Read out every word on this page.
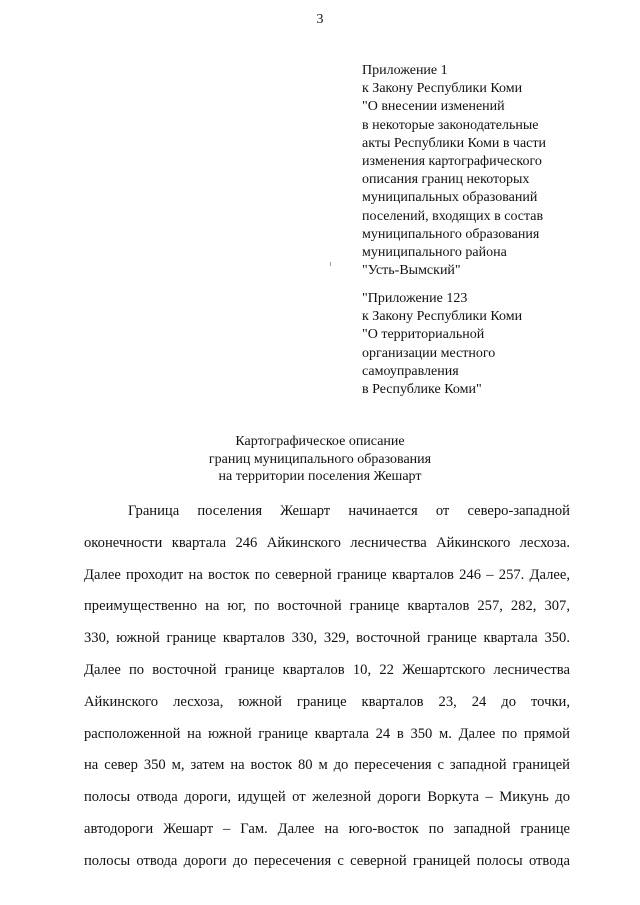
3
Приложение 1
к Закону Республики Коми
"О внесении изменений
в некоторые законодательные
акты Республики Коми в части
изменения картографического
описания границ некоторых
муниципальных образований
поселений, входящих в состав
муниципального образования
муниципального района
"Усть-Вымский"
"Приложение 123
к Закону Республики Коми
"О территориальной
организации местного
самоуправления
в Республике Коми"
Картографическое описание
границ муниципального образования
на территории поселения Жешарт
Граница поселения Жешарт начинается от северо-западной
оконечности квартала 246 Айкинского лесничества Айкинского лесхоза.
Далее проходит на восток по северной границе кварталов 246 – 257. Далее,
преимущественно на юг, по восточной границе кварталов 257, 282, 307,
330, южной границе кварталов 330, 329, восточной границе квартала 350.
Далее по восточной границе кварталов 10, 22 Жешартского лесничества
Айкинского лесхоза, южной границе кварталов 23, 24 до точки,
расположенной на южной границе квартала 24 в 350 м. Далее по прямой
на север 350 м, затем на восток 80 м до пересечения с западной границей
полосы отвода дороги, идущей от железной дороги Воркута – Микунь до
автодороги Жешарт – Гам. Далее на юго-восток по западной границе
полосы отвода дороги до пересечения с северной границей полосы отвода
